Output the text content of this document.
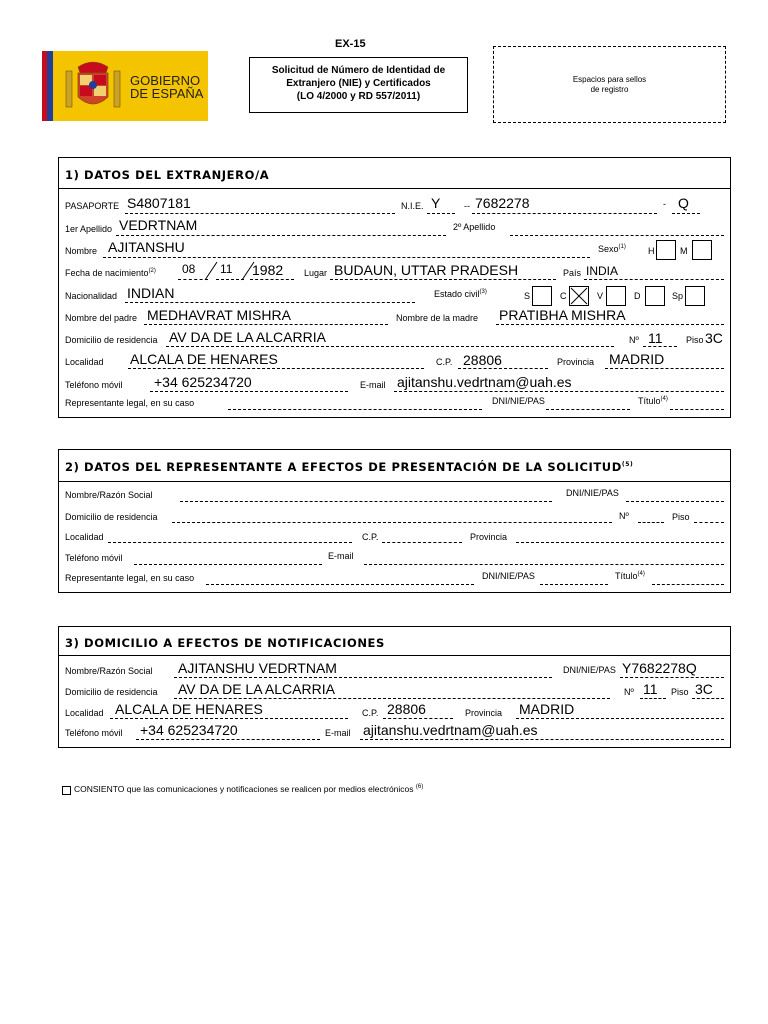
GOBIERNO
DE ESPAÑA
EX-15
Solicitud de Número de Identidad de
Extranjero (NIE) y Certificados
(LO 4/2000 y RD 557/2011)
Espacios para sellos
de registro
1) DATOS DEL EXTRANJERO/A
PASAPORTE S4807181	N.I.E. Y	-- 7682278	- Q
1er Apellido VEDRTNAM	2º Apellido
Nombre AJITANSHU	Sexo$^{(1)}$ H	M
Fecha de nacimiento$^{(2)}$ 08 11 1982 Lugar BUDAUN, UTTAR PRADESH	País INDIA
Nacionalidad INDIAN	Estado civil$^{(3)}$	S	C	V	D	Sp
Nombre del padre MEDHAVRAT MISHRA	Nombre de la madre PRATIBHA MISHRA
Domicilio de residencia AV DA DE LA ALCARRIA	Nº 11	Piso 3C
Localidad ALCALA DE HENARES	C.P. 28806	Provincia MADRID
Teléfono móvil +34 625234720	E-mail ajitanshu.vedrtnam@uah.es
Representante legal, en su caso	DNI/NIE/PAS	Título$^{(4)}$
2) DATOS DEL REPRESENTANTE A EFECTOS DE PRESENTACIÓN DE LA SOLICITUD$^{(5)}$
Nombre/Razón Social	DNI/NIE/PAS
Domicilio de residencia	Nº	Piso
Localidad	C.P.	Provincia
Teléfono móvil	E-mail
Representante legal, en su caso	DNI/NIE/PAS	Título$^{(4)}$
3) DOMICILIO A EFECTOS DE NOTIFICACIONES
Nombre/Razón Social AJITANSHU VEDRTNAM	DNI/NIE/PAS Y7682278Q
Domicilio de residencia AV DA DE LA ALCARRIA	Nº 11 Piso 3C
Localidad ALCALA DE HENARES	C.P. 28806	Provincia MADRID
Teléfono móvil +34 625234720	E-mail ajitanshu.vedrtnam@uah.es
CONSIENTO que las comunicaciones y notificaciones se realicen por medios electrónicos $^{(6)}$
